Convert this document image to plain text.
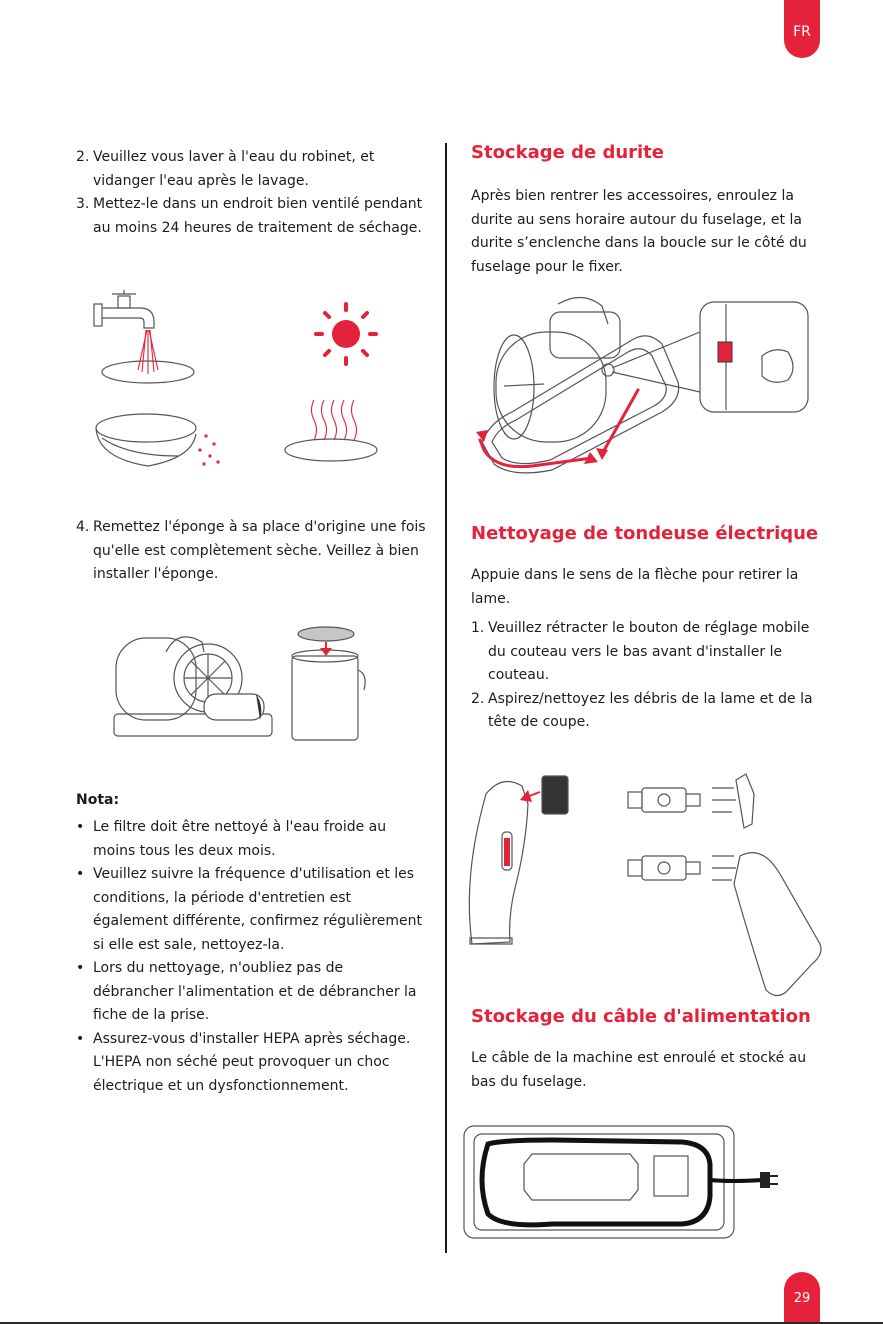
FR

2. Veuillez vous laver à l'eau du robinet, et vidanger l'eau après le lavage.

3. Mettez-le dans un endroit bien ventilé pendant au moins 24 heures de traitement de séchage.

4. Remettez l'éponge à sa place d'origine une fois qu'elle est complètement sèche. Veillez à bien installer l'éponge.

Nota:

• Le filtre doit être nettoyé à l'eau froide au moins tous les deux mois.

• Veuillez suivre la fréquence d'utilisation et les conditions, la période d'entretien est également différente, confirmez régulièrement si elle est sale, nettoyez-la.

• Lors du nettoyage, n'oubliez pas de débrancher l'alimentation et de débrancher la fiche de la prise.

• Assurez-vous d'installer HEPA après séchage. L'HEPA non séché peut provoquer un choc électrique et un dysfonctionnement.

Stockage de durite

Après bien rentrer les accessoires, enroulez la durite au sens horaire autour du fuselage, et la durite s’enclenche dans la boucle sur le côté du fuselage pour le fixer.

Nettoyage de tondeuse électrique

Appuie dans le sens de la flèche pour retirer la lame.

1. Veuillez rétracter le bouton de réglage mobile du couteau vers le bas avant d'installer le couteau.

2. Aspirez/nettoyez les débris de la lame et de la tête de coupe.

Stockage du câble d'alimentation

Le câble de la machine est enroulé et stocké au bas du fuselage.

29
